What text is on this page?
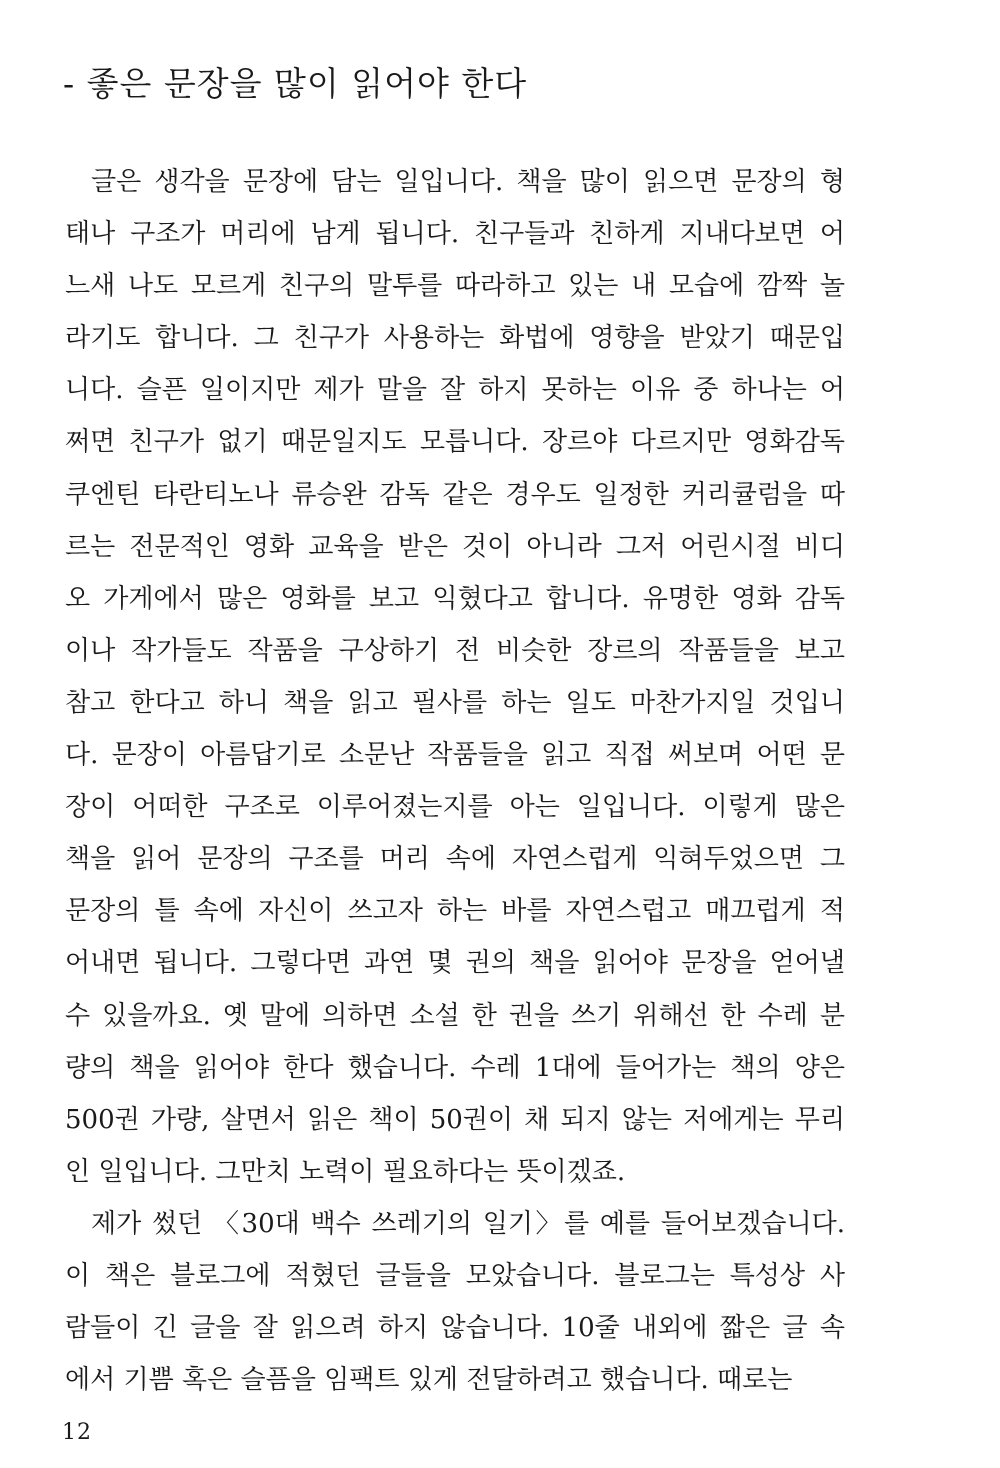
- 좋은 문장을 많이 읽어야 한다
글은 생각을 문장에 담는 일입니다. 책을 많이 읽으면 문장의 형
태나 구조가 머리에 남게 됩니다. 친구들과 친하게 지내다보면 어
느새 나도 모르게 친구의 말투를 따라하고 있는 내 모습에 깜짝 놀
라기도 합니다. 그 친구가 사용하는 화법에 영향을 받았기 때문입
니다. 슬픈 일이지만 제가 말을 잘 하지 못하는 이유 중 하나는 어
쩌면 친구가 없기 때문일지도 모릅니다. 장르야 다르지만 영화감독
쿠엔틴 타란티노나 류승완 감독 같은 경우도 일정한 커리큘럼을 따
르는 전문적인 영화 교육을 받은 것이 아니라 그저 어린시절 비디
오 가게에서 많은 영화를 보고 익혔다고 합니다. 유명한 영화 감독
이나 작가들도 작품을 구상하기 전 비슷한 장르의 작품들을 보고
참고 한다고 하니 책을 읽고 필사를 하는 일도 마찬가지일 것입니
다. 문장이 아름답기로 소문난 작품들을 읽고 직접 써보며 어떤 문
장이 어떠한 구조로 이루어졌는지를 아는 일입니다. 이렇게 많은
책을 읽어 문장의 구조를 머리 속에 자연스럽게 익혀두었으면 그
문장의 틀 속에 자신이 쓰고자 하는 바를 자연스럽고 매끄럽게 적
어내면 됩니다. 그렇다면 과연 몇 권의 책을 읽어야 문장을 얻어낼
수 있을까요. 옛 말에 의하면 소설 한 권을 쓰기 위해선 한 수레 분
량의 책을 읽어야 한다 했습니다. 수레 1대에 들어가는 책의 양은
500권 가량, 살면서 읽은 책이 50권이 채 되지 않는 저에게는 무리
인 일입니다. 그만치 노력이 필요하다는 뜻이겠죠.
제가 썼던 〈30대 백수 쓰레기의 일기〉를 예를 들어보겠습니다.
이 책은 블로그에 적혔던 글들을 모았습니다. 블로그는 특성상 사
람들이 긴 글을 잘 읽으려 하지 않습니다. 10줄 내외에 짧은 글 속
에서 기쁨 혹은 슬픔을 임팩트 있게 전달하려고 했습니다. 때로는
12
